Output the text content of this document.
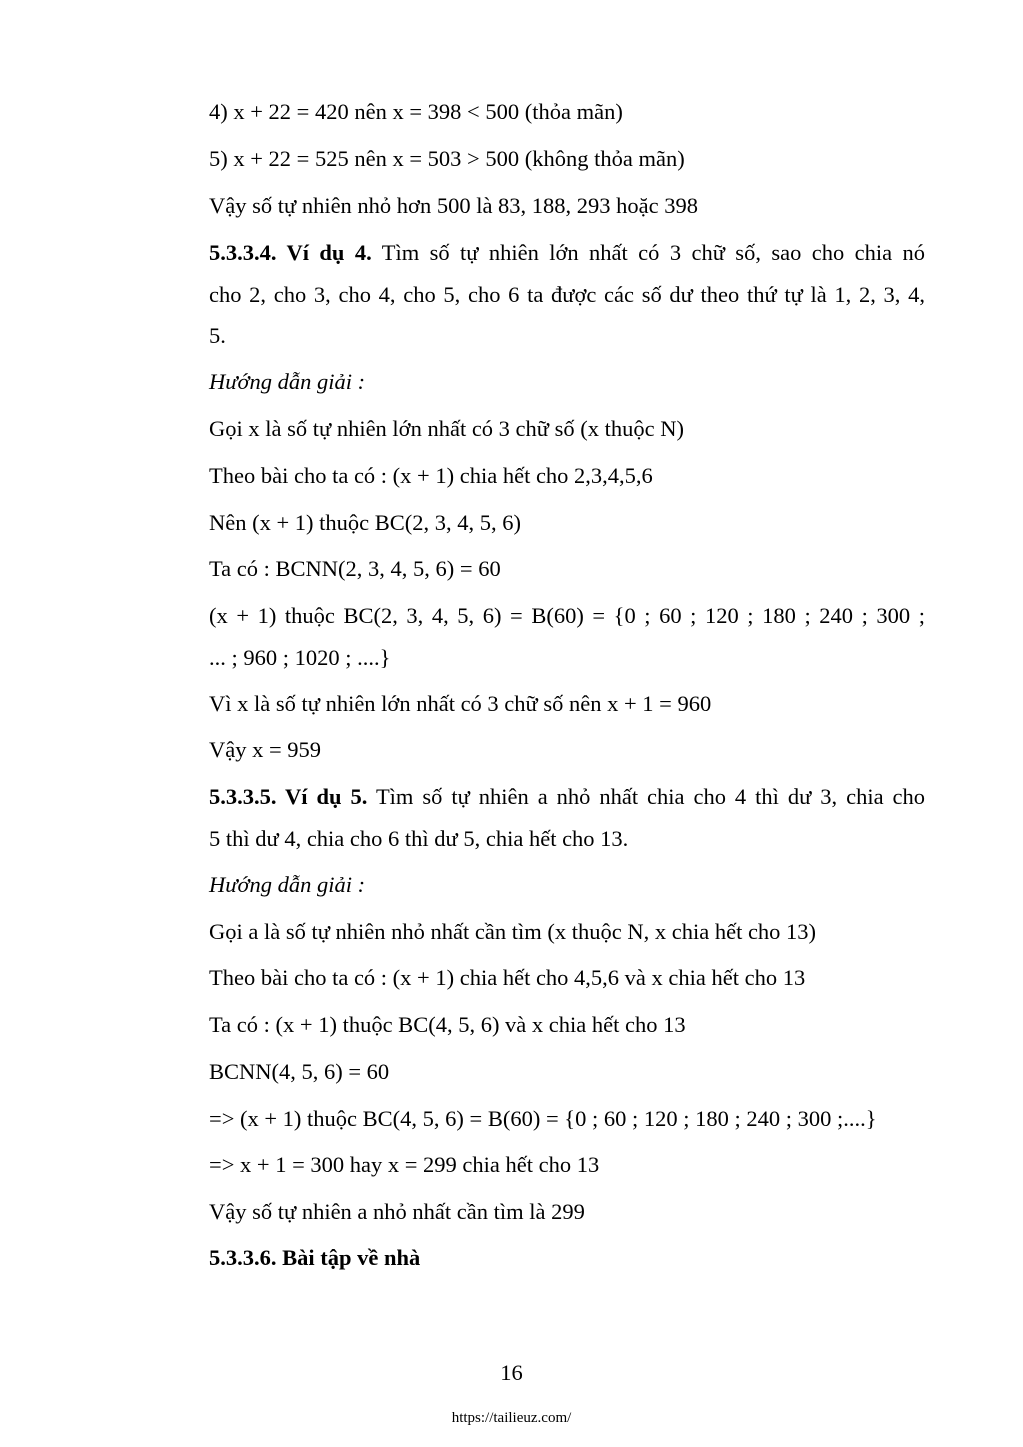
4) x + 22 = 420 nên x = 398 < 500 (thỏa mãn)
5) x + 22 = 525 nên x = 503 > 500 (không thỏa mãn)
Vậy số tự nhiên nhỏ hơn 500 là 83, 188, 293 hoặc 398
5.3.3.4. Ví dụ 4. Tìm số tự nhiên lớn nhất có 3 chữ số, sao cho chia nó
cho 2, cho 3, cho 4, cho 5, cho 6 ta được các số dư theo thứ tự là 1, 2, 3, 4,
5.
Hướng dẫn giải :
Gọi x là số tự nhiên lớn nhất có 3 chữ số (x thuộc N)
Theo bài cho ta có : (x + 1) chia hết cho 2,3,4,5,6
Nên (x + 1) thuộc BC(2, 3, 4, 5, 6)
Ta có : BCNN(2, 3, 4, 5, 6) = 60
(x + 1) thuộc BC(2, 3, 4, 5, 6) = B(60) = {0 ; 60 ; 120 ; 180 ; 240 ; 300 ;
... ; 960 ; 1020 ; ....}
Vì x là số tự nhiên lớn nhất có 3 chữ số nên x + 1 = 960
Vậy x = 959
5.3.3.5. Ví dụ 5. Tìm số tự nhiên a nhỏ nhất chia cho 4 thì dư 3, chia cho
5 thì dư 4, chia cho 6 thì dư 5, chia hết cho 13.
Hướng dẫn giải :
Gọi a là số tự nhiên nhỏ nhất cần tìm (x thuộc N, x chia hết cho 13)
Theo bài cho ta có : (x + 1) chia hết cho 4,5,6 và x chia hết cho 13
Ta có : (x + 1) thuộc BC(4, 5, 6) và x chia hết cho 13
BCNN(4, 5, 6) = 60
=> (x + 1) thuộc BC(4, 5, 6) = B(60) = {0 ; 60 ; 120 ; 180 ; 240 ; 300 ;....}
=> x + 1 = 300 hay x = 299 chia hết cho 13
Vậy số tự nhiên a nhỏ nhất cần tìm là 299
5.3.3.6. Bài tập về nhà
16
https://tailieuz.com/
